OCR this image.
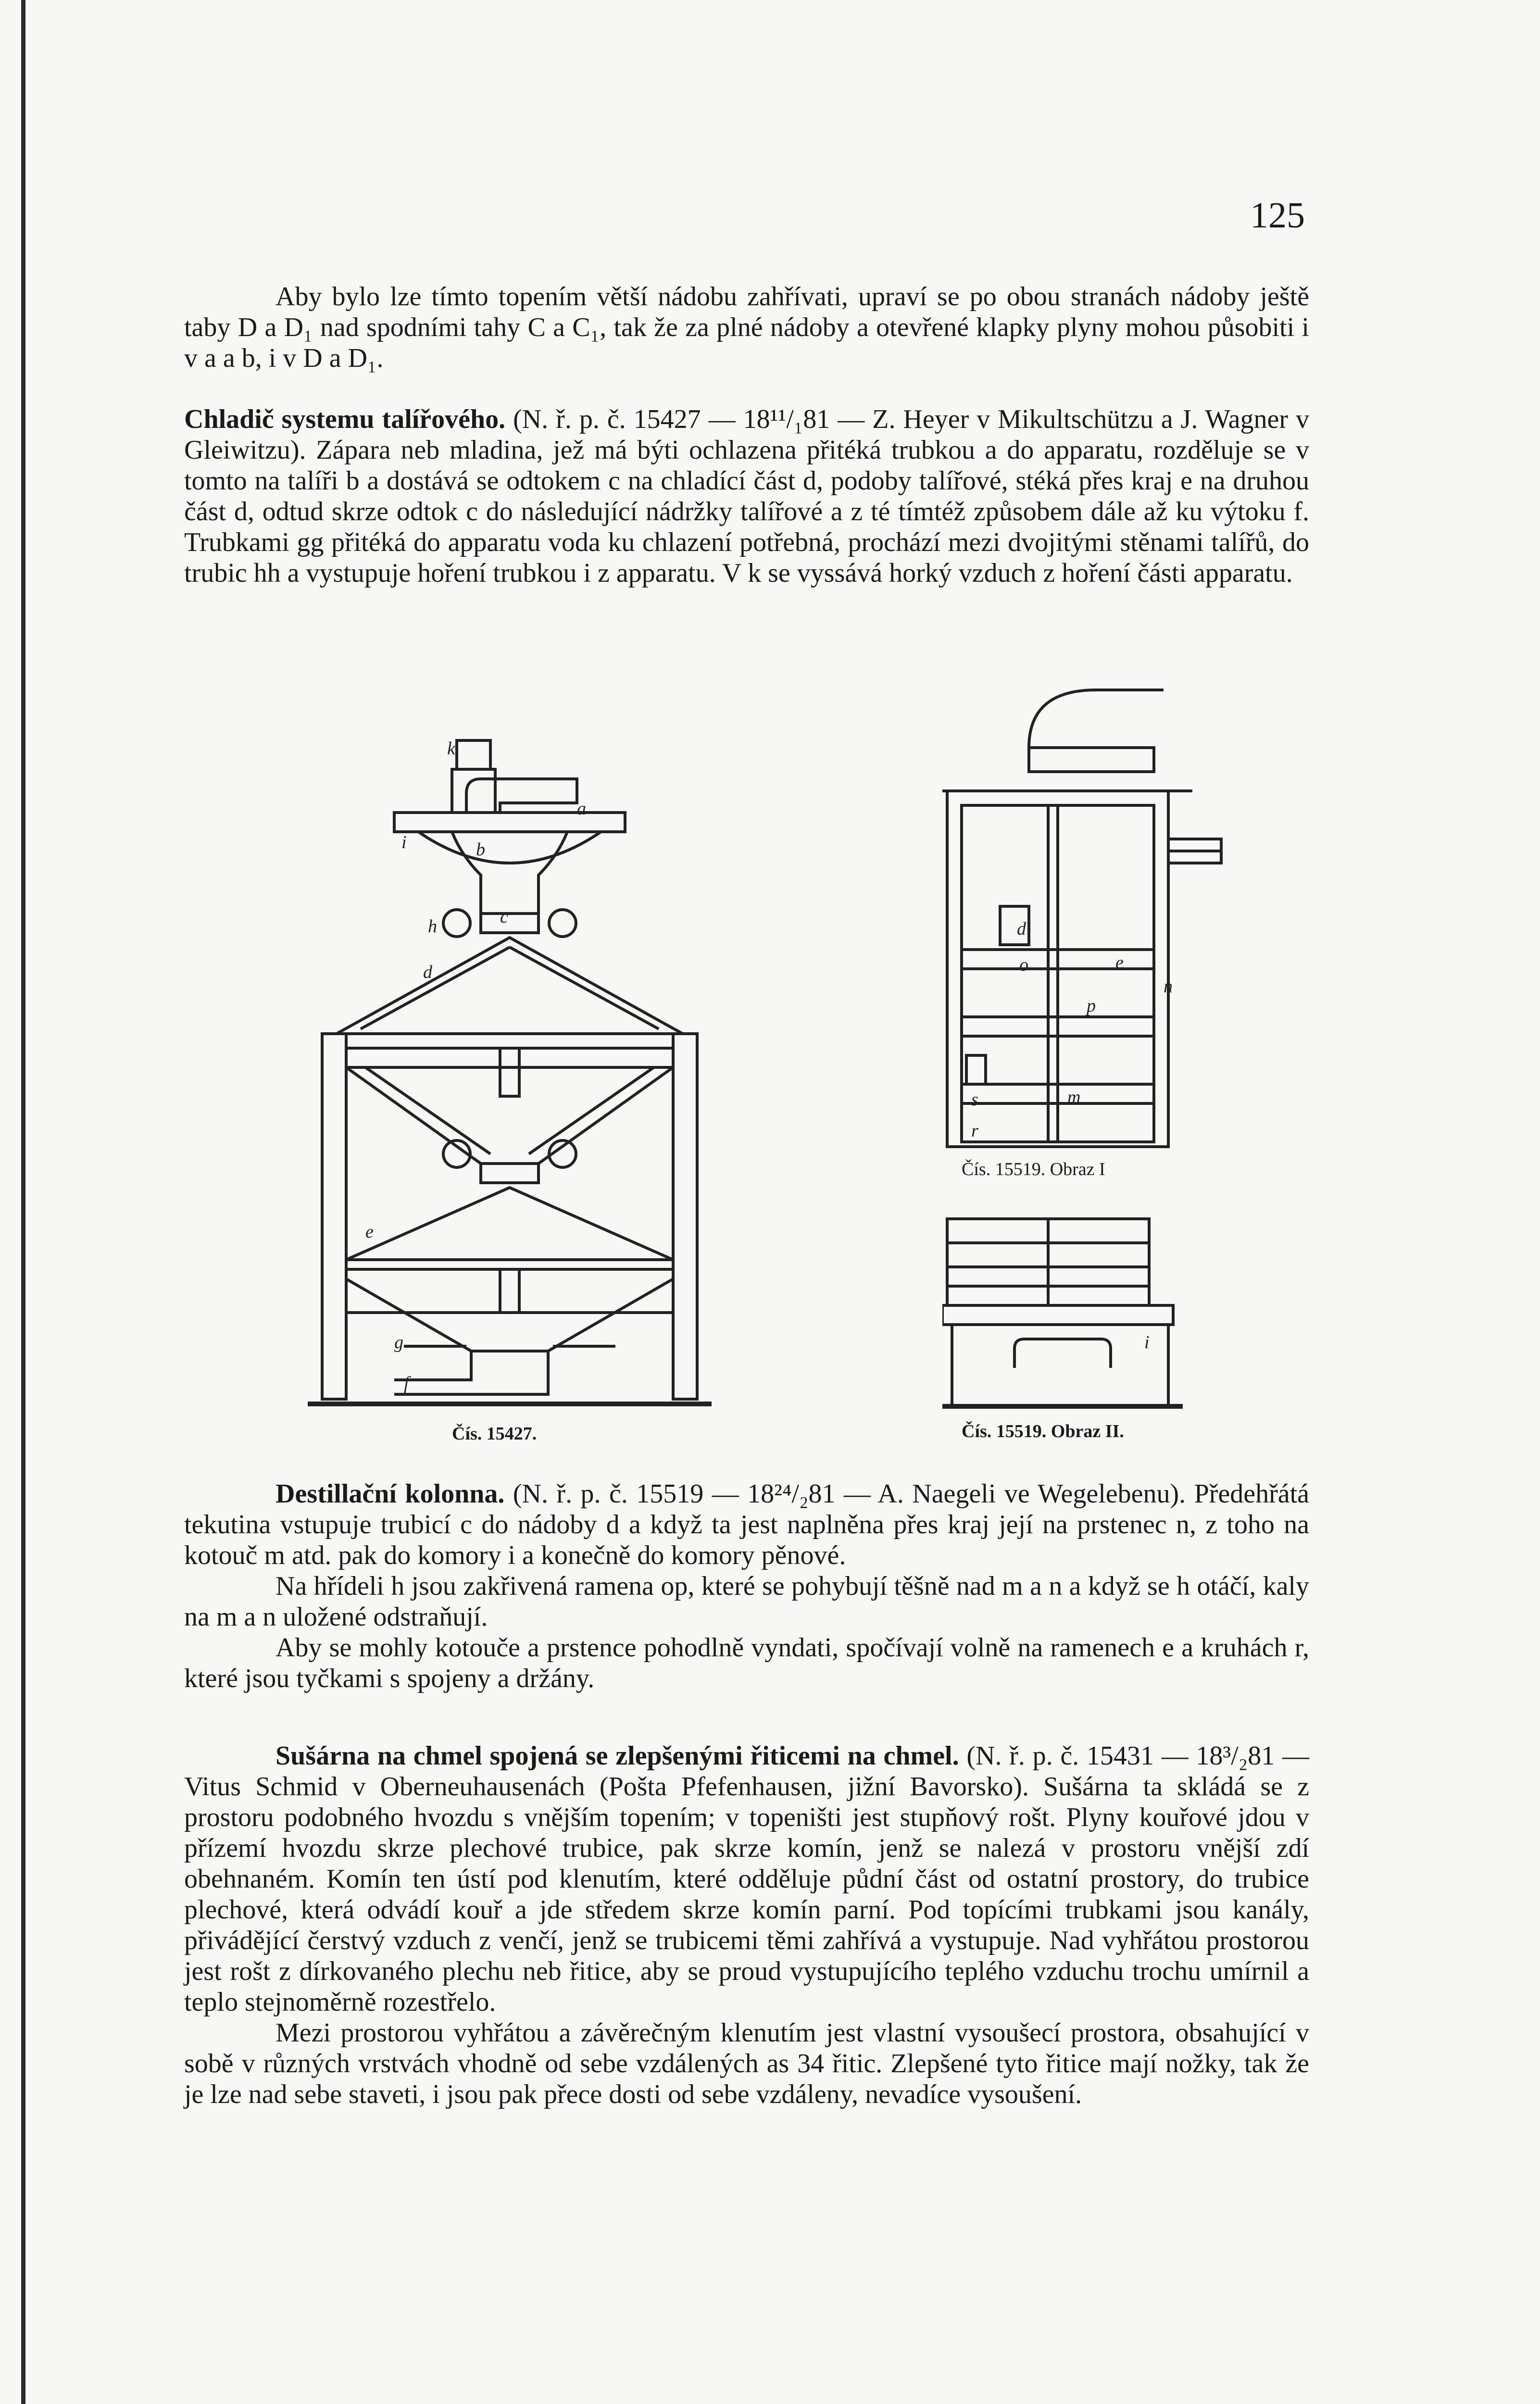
125

Aby bylo lze tímto topením větší nádobu zahřívati, upraví se po obou stranách nádoby ještě taby D a D₁ nad spodními tahy C a C₁, tak že za plné nádoby a otevřené klapky plyny mohou působiti i v a a b, i v D a D₁.

Chladič systemu talířového. (N. ř. p. č. 15427 — 18¹¹/₁81 — Z. Heyer v Mikultschützu a J. Wagner v Gleiwitzu). Zápara neb mladina, jež má býti ochlazena přitéká trubkou a do apparatu, rozděluje se v tomto na talíři b a dostává se odtokem c na chladící část d, podoby talířové, stéká přes kraj e na druhou část d, odtud skrze odtok c do následující nádržky talířové a z té tímtéž způsobem dále až ku výtoku f. Trubkami gg přitéká do apparatu voda ku chlazení potřebná, prochází mezi dvojitými stěnami talířů, do trubic hh a vystupuje hoření trubkou i z apparatu. V k se vyssává horký vzduch z hoření části apparatu.

a
b
i
c
h
d
e
g
f
k
Čís. 15427.
d
e
n
p
m
s
r
o
Čís. 15519. Obraz I
i
Čís. 15519. Obraz II.

Destillační kolonna. (N. ř. p. č. 15519 — 18²⁴/₂81 — A. Naegeli ve Wegelebenu). Předehřátá tekutina vstupuje trubicí c do nádoby d a když ta jest naplněna přes kraj její na prstenec n, z toho na kotouč m atd. pak do komory i a konečně do komory pěnové.

Na hřídeli h jsou zakřivená ramena op, které se pohybují těšně nad m a n a když se h otáčí, kaly na m a n uložené odstraňují.

Aby se mohly kotouče a prstence pohodlně vyndati, spočívají volně na ramenech e a kruhách r, které jsou tyčkami s spojeny a držány.

Sušárna na chmel spojená se zlepšenými řiticemi na chmel. (N. ř. p. č. 15431 — 18³/₂81 — Vitus Schmid v Oberneuhausenách (Pošta Pfefenhausen, jižní Bavorsko). Sušárna ta skládá se z prostoru podobného hvozdu s vnějším topením; v topeništi jest stupňový rošt. Plyny kouřové jdou v přízemí hvozdu skrze plechové trubice, pak skrze komín, jenž se nalezá v prostoru vnější zdí obehnaném. Komín ten ústí pod klenutím, které odděluje půdní část od ostatní prostory, do trubice plechové, která odvádí kouř a jde středem skrze komín parní. Pod topícími trubkami jsou kanály, přivádějící čerstvý vzduch z venčí, jenž se trubicemi těmi zahřívá a vystupuje. Nad vyhřátou prostorou jest rošt z dírkovaného plechu neb řitice, aby se proud vystupujícího teplého vzduchu trochu umírnil a teplo stejnoměrně rozestřelo.

Mezi prostorou vyhřátou a závěrečným klenutím jest vlastní vysoušecí prostora, obsahující v sobě v různých vrstvách vhodně od sebe vzdálených as 34 řitic. Zlepšené tyto řitice mají nožky, tak že je lze nad sebe staveti, i jsou pak přece dosti od sebe vzdáleny, nevadíce vysoušení.
